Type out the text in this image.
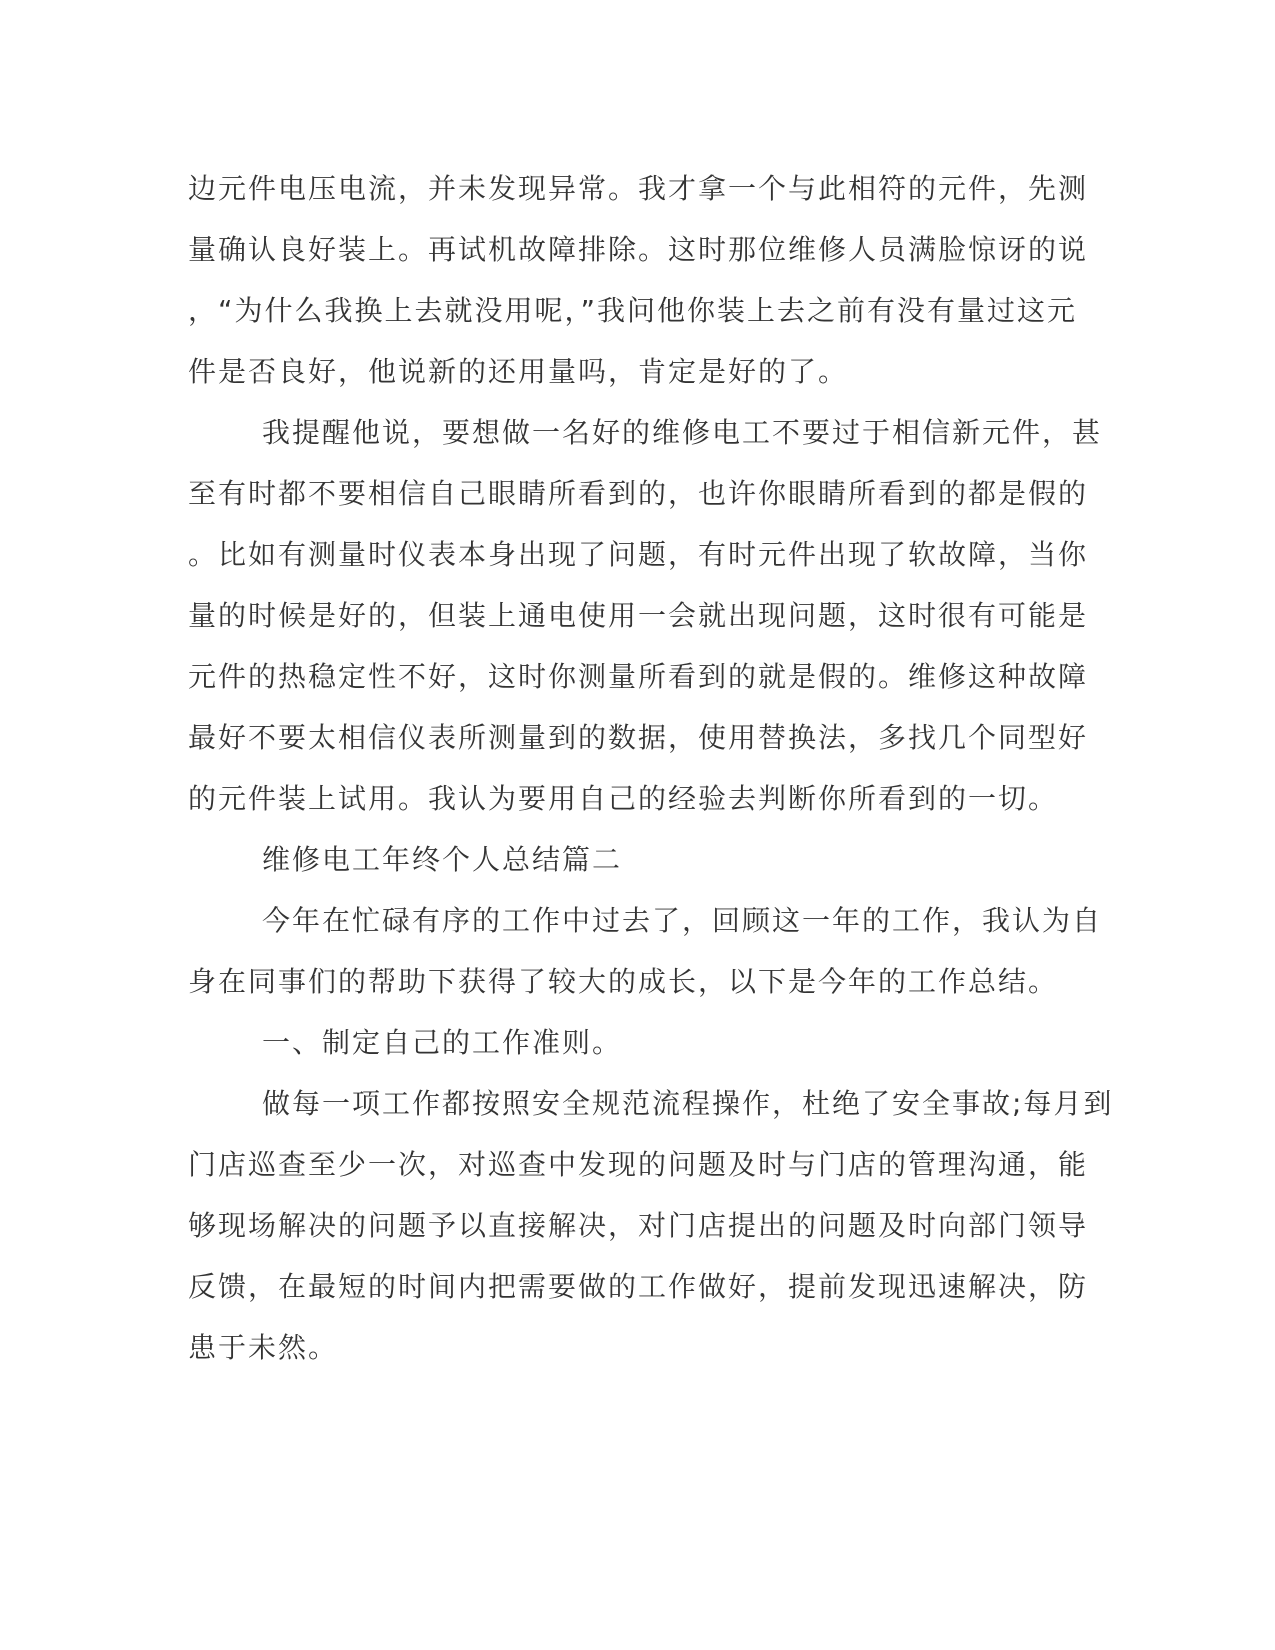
边元件电压电流，并未发现异常。我才拿一个与此相符的元件，先测
量确认良好装上。再试机故障排除。这时那位维修人员满脸惊讶的说
，“为什么我换上去就没用呢，”我问他你装上去之前有没有量过这元
件是否良好，他说新的还用量吗，肯定是好的了。
我提醒他说，要想做一名好的维修电工不要过于相信新元件，甚
至有时都不要相信自己眼睛所看到的，也许你眼睛所看到的都是假的
。比如有测量时仪表本身出现了问题，有时元件出现了软故障，当你
量的时候是好的，但装上通电使用一会就出现问题，这时很有可能是
元件的热稳定性不好，这时你测量所看到的就是假的。维修这种故障
最好不要太相信仪表所测量到的数据，使用替换法，多找几个同型好
的元件装上试用。我认为要用自己的经验去判断你所看到的一切。
维修电工年终个人总结篇二
今年在忙碌有序的工作中过去了，回顾这一年的工作，我认为自
身在同事们的帮助下获得了较大的成长，以下是今年的工作总结。
一、制定自己的工作准则。
做每一项工作都按照安全规范流程操作，杜绝了安全事故;每月到
门店巡查至少一次，对巡查中发现的问题及时与门店的管理沟通，能
够现场解决的问题予以直接解决，对门店提出的问题及时向部门领导
反馈，在最短的时间内把需要做的工作做好，提前发现迅速解决，防
患于未然。
